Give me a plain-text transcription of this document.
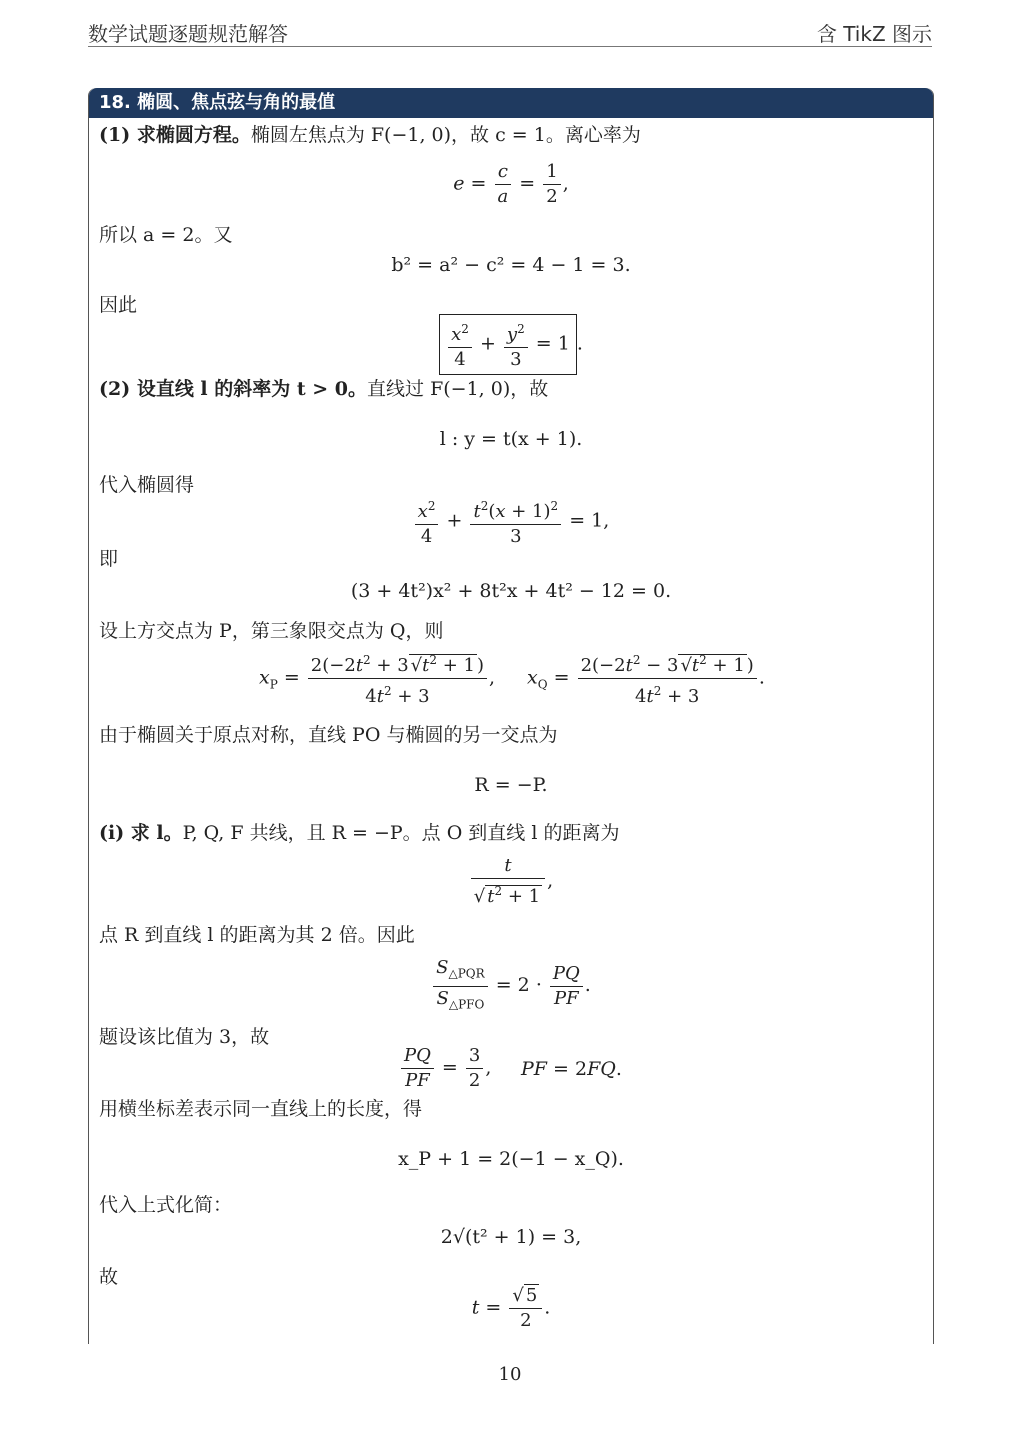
数学试题逐题规范解答	含 TikZ 图示
18. 椭圆、焦点弦与角的最值
(1) 求椭圆方程。椭圆左焦点为 F(−1, 0)，故 c = 1。离心率为
$e = \frac{c}{a} = \frac{1}{2}$ ,
所以 a = 2。又
b² = a² − c² = 4 − 1 = 3.
因此
$\frac{x^2}{4} + \frac{y^2}{3} = 1$ .
(2) 设直线 l 的斜率为 t > 0。直线过 F(−1, 0)，故
l : y = t(x + 1).
代入椭圆得
$\frac{x^2}{4} + \frac{t^2(x + 1)^2}{3} = 1$,
即
(3 + 4t²)x² + 8t²x + 4t² − 12 = 0.
设上方交点为 P，第三象限交点为 Q，则
$x_P = \frac{2(-2t^2 + 3 √t^2 + 1 )}{4t^2 + 3}$ , $x_Q = \frac{2(-2t^2 - 3 √t^2 + 1 )}{4t^2 + 3}$ .
由于椭圆关于原点对称，直线 PO 与椭圆的另一交点为
R = −P.
(i) 求 l。P, Q, F 共线，且 R = −P。点 O 到直线 l 的距离为
$\frac{t}{√ t^2 + 1}$ ,
点 R 到直线 l 的距离为其 2 倍。因此
$\frac{S_{\triangle PQR}}{S_{\triangle PFO}} = 2 \cdot \frac{PQ}{PF}$ .
题设该比值为 3，故
$\frac{PQ}{PF} = \frac{3}{2}$ , PF = 2FQ.
用横坐标差表示同一直线上的长度，得
x_P + 1 = 2(−1 − x_Q).
代入上式化简：
2√(t² + 1) = 3,
故
$t = \frac{√ 5}{2}$ .
10
